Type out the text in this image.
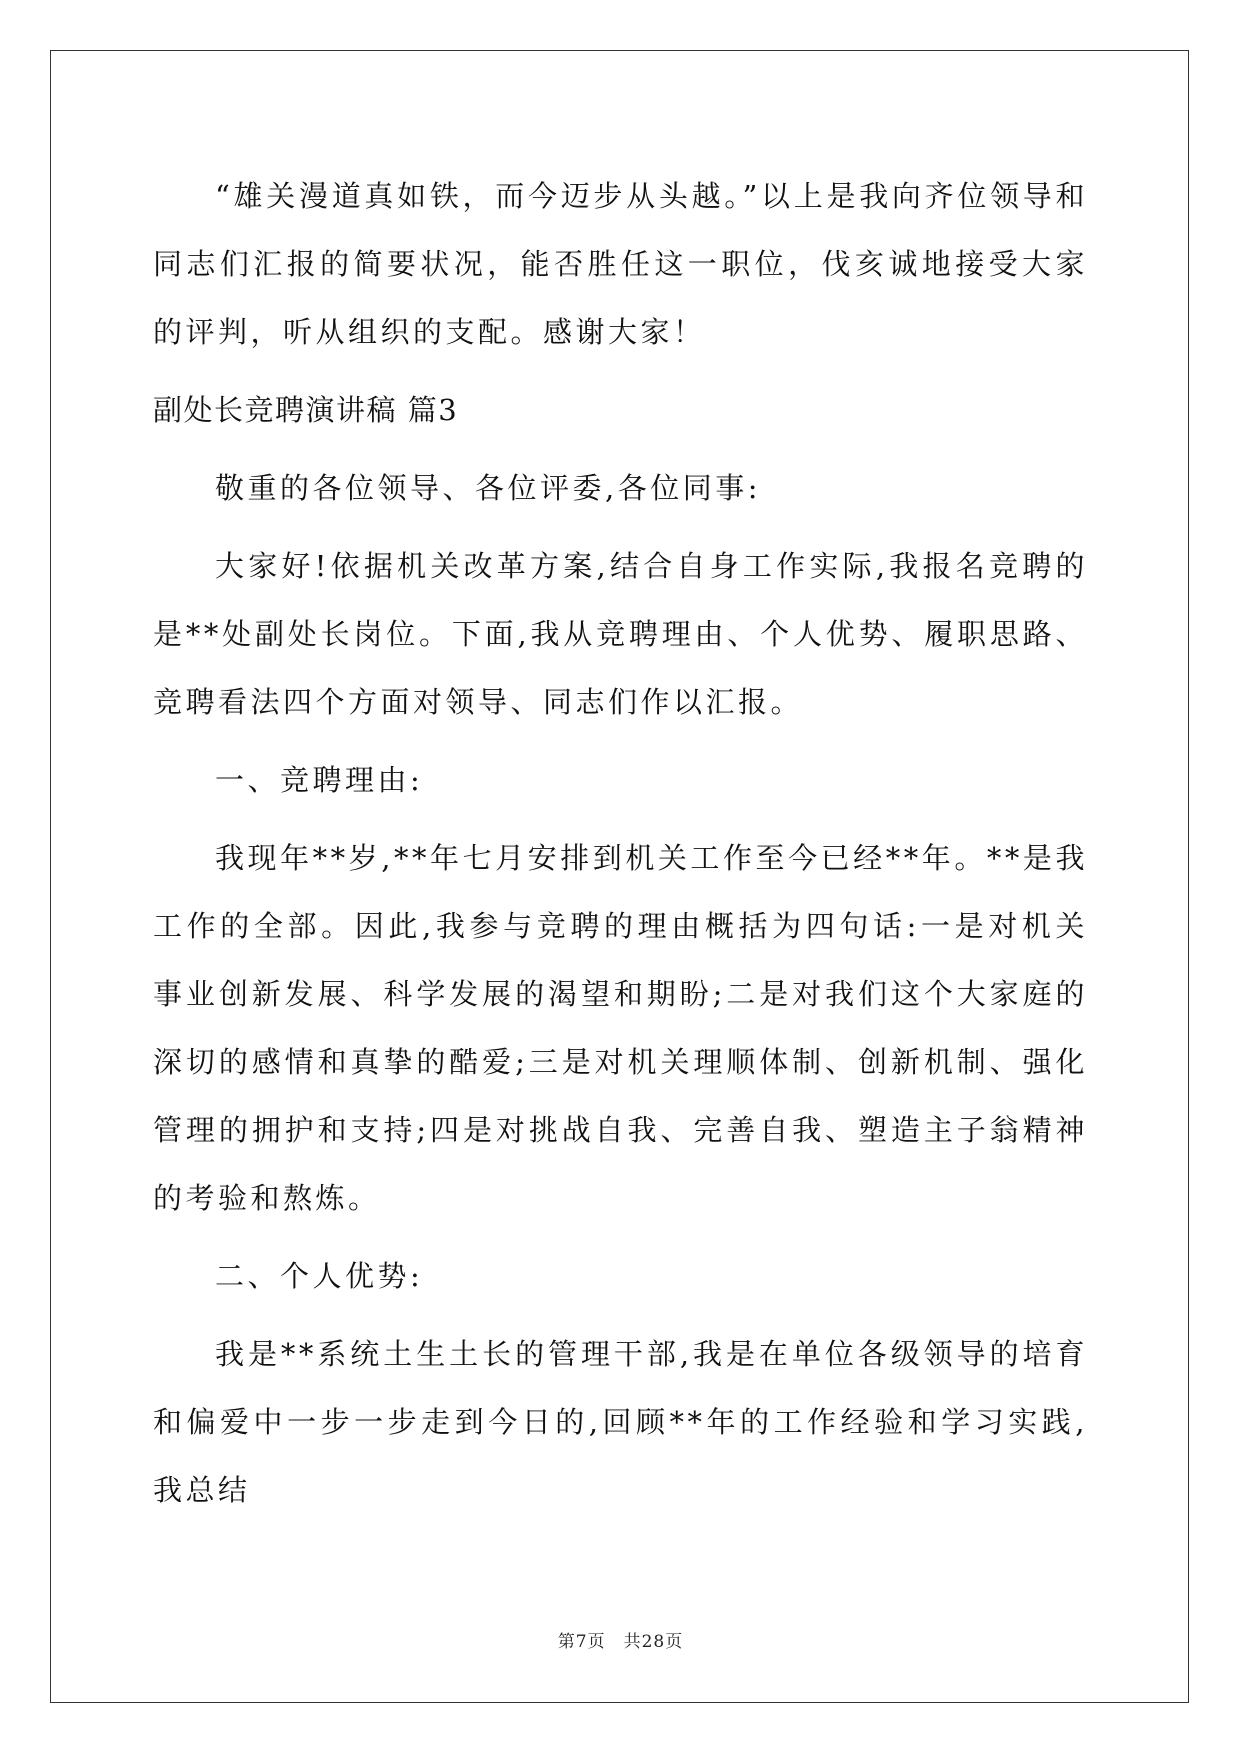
“雄关漫道真如铁，而今迈步从头越。”以上是我向齐位领导和同志们汇报的简要状况，能否胜任这一职位，伐亥诚地接受大家的评判，听从组织的支配。感谢大家！

副处长竞聘演讲稿 篇3

敬重的各位领导、各位评委,各位同事:

大家好!依据机关改革方案,结合自身工作实际,我报名竞聘的是**处副处长岗位。下面,我从竞聘理由、个人优势、履职思路、竞聘看法四个方面对领导、同志们作以汇报。

一、竞聘理由:

我现年**岁,**年七月安排到机关工作至今已经**年。**是我工作的全部。因此,我参与竞聘的理由概括为四句话:一是对机关事业创新发展、科学发展的渴望和期盼;二是对我们这个大家庭的深切的感情和真挚的酷爱;三是对机关理顺体制、创新机制、强化管理的拥护和支持;四是对挑战自我、完善自我、塑造主子翁精神的考验和熬炼。

二、个人优势:

我是**系统土生土长的管理干部,我是在单位各级领导的培育和偏爱中一步一步走到今日的,回顾**年的工作经验和学习实践,我总结

第7页　 共28页
